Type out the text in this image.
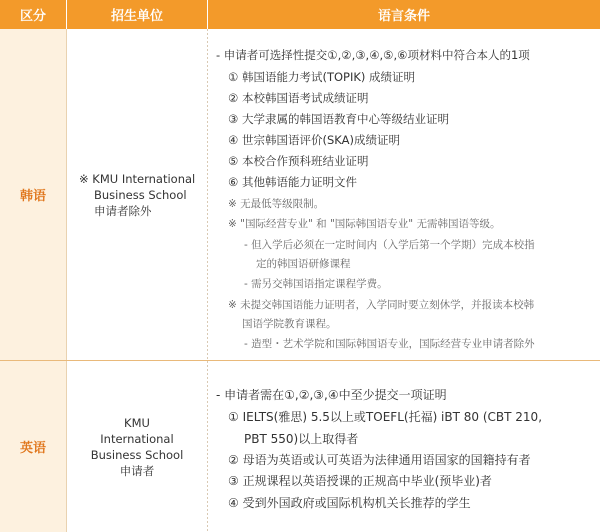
区分	招生单位	语言条件
韩语
※ KMU International
Business School
申请者除外
- 申请者可选择性提交①,②,③,④,⑤,⑥项材料中符合本人的1项
① 韩国语能力考试(TOPIK) 成绩证明
② 本校韩国语考试成绩证明
③ 大学隶属的韩国语教育中心等级结业证明
④ 世宗韩国语评价(SKA)成绩证明
⑤ 本校合作预科班结业证明
⑥ 其他韩语能力证明文件
※ 无最低等级限制。
※ "国际经营专业" 和 "国际韩国语专业" 无需韩国语等级。
- 但入学后必须在一定时间内（入学后第一个学期）完成本校指
定的韩国语研修课程
- 需另交韩国语指定课程学费。
※ 未提交韩国语能力证明者，入学同时要立刻休学，并报读本校韩
国语学院教育课程。
- 造型・艺术学院和国际韩国语专业，国际经营专业申请者除外
英语
KMU
International
Business School
申请者
- 申请者需在①,②,③,④中至少提交一项证明
① IELTS(雅思) 5.5以上或TOEFL(托福) iBT 80 (CBT 210,
PBT 550)以上取得者
② 母语为英语或认可英语为法律通用语国家的国籍持有者
③ 正规课程以英语授课的正规高中毕业(预毕业)者
④ 受到外国政府或国际机构机关长推荐的学生
